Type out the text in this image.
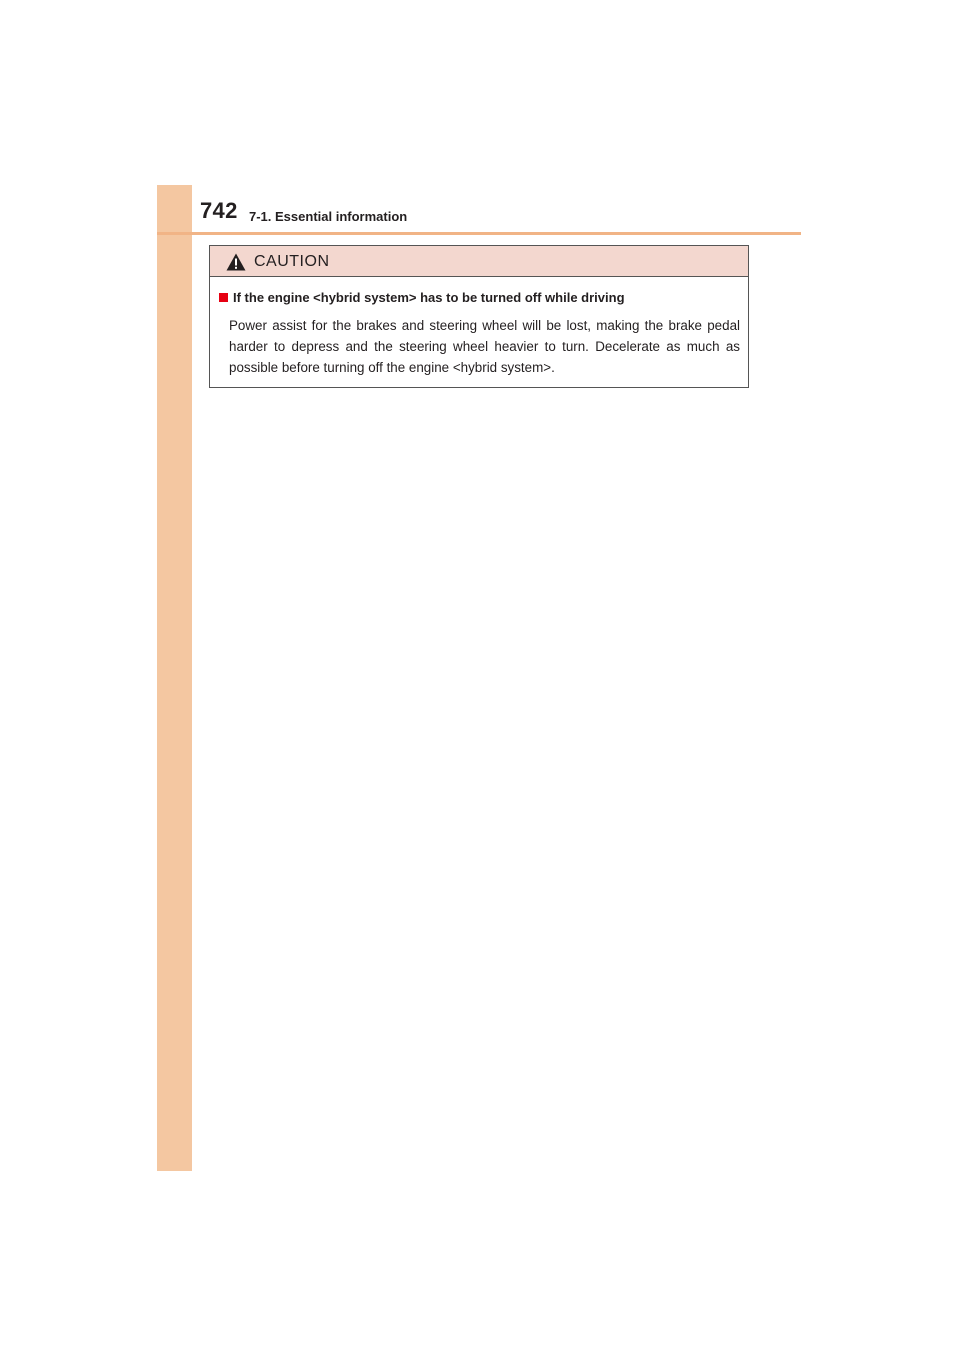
742 7-1. Essential information
CAUTION
If the engine <hybrid system> has to be turned off while driving
Power assist for the brakes and steering wheel will be lost, making the brake pedal harder to depress and the steering wheel heavier to turn. Decelerate as much as possible before turning off the engine <hybrid system>.
